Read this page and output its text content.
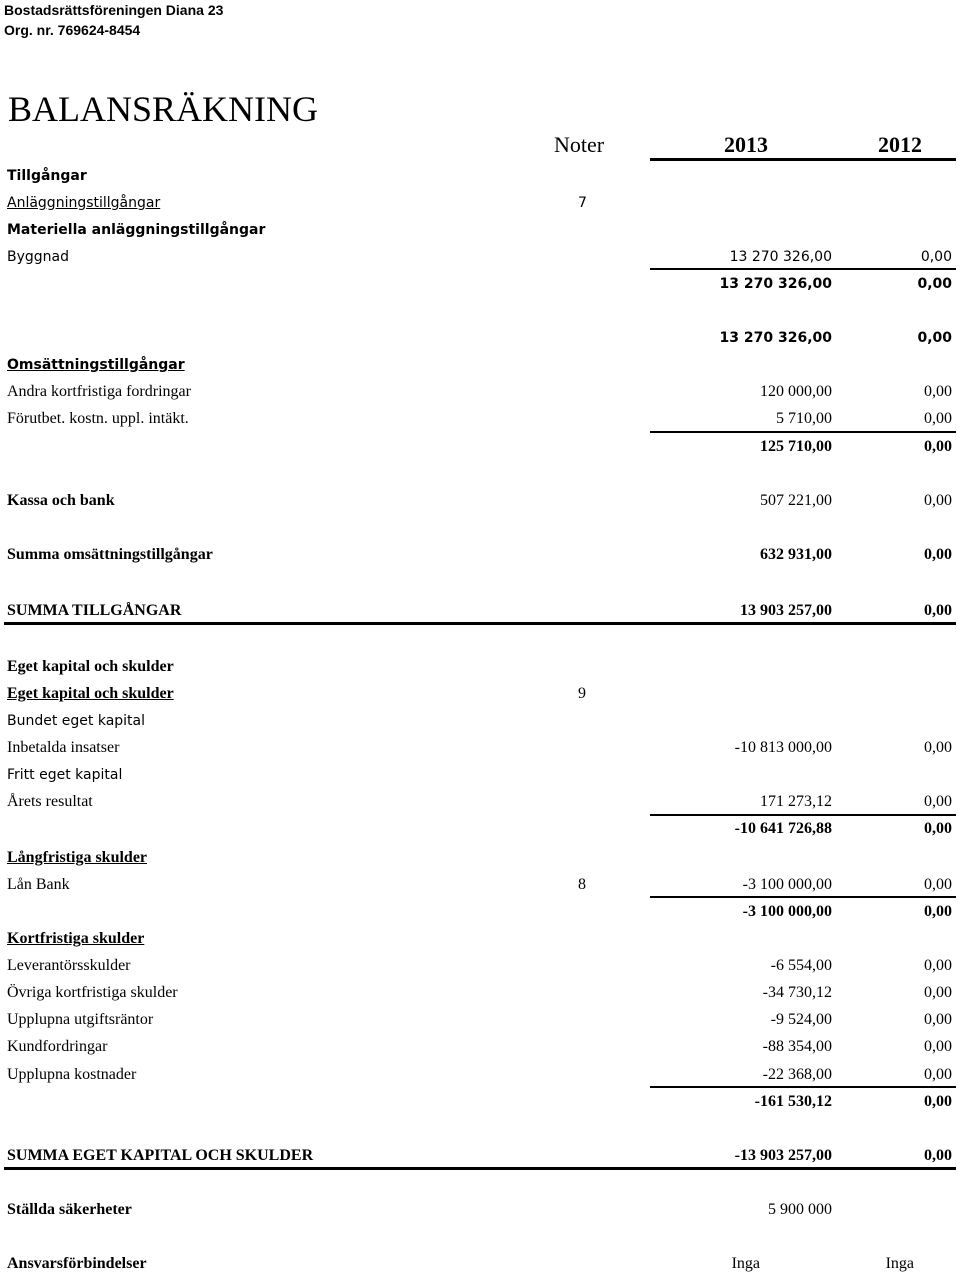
Bostadsrättsföreningen Diana 23
Org. nr. 769624-8454
BALANSRÄKNING
Noter	2013	2012
Tillgångar
Anläggningstillgångar	7
Materiella anläggningstillgångar
Byggnad	13 270 326,00	0,00
13 270 326,00	0,00
13 270 326,00	0,00
Omsättningstillgångar
Andra kortfristiga fordringar	120 000,00	0,00
Förutbet. kostn. uppl. intäkt.	5 710,00	0,00
125 710,00	0,00
Kassa och bank	507 221,00	0,00
Summa omsättningstillgångar	632 931,00	0,00
SUMMA TILLGÅNGAR	13 903 257,00	0,00
Eget kapital och skulder
Eget kapital och skulder	9
Bundet eget kapital
Inbetalda insatser	-10 813 000,00	0,00
Fritt eget kapital
Årets resultat	171 273,12	0,00
-10 641 726,88	0,00
Långfristiga skulder
Lån Bank	8	-3 100 000,00	0,00
-3 100 000,00	0,00
Kortfristiga skulder
Leverantörsskulder	-6 554,00	0,00
Övriga kortfristiga skulder	-34 730,12	0,00
Upplupna utgiftsräntor	-9 524,00	0,00
Kundfordringar	-88 354,00	0,00
Upplupna kostnader	-22 368,00	0,00
-161 530,12	0,00
SUMMA EGET KAPITAL OCH SKULDER	-13 903 257,00	0,00
Ställda säkerheter	5 900 000
Ansvarsförbindelser	Inga	Inga
